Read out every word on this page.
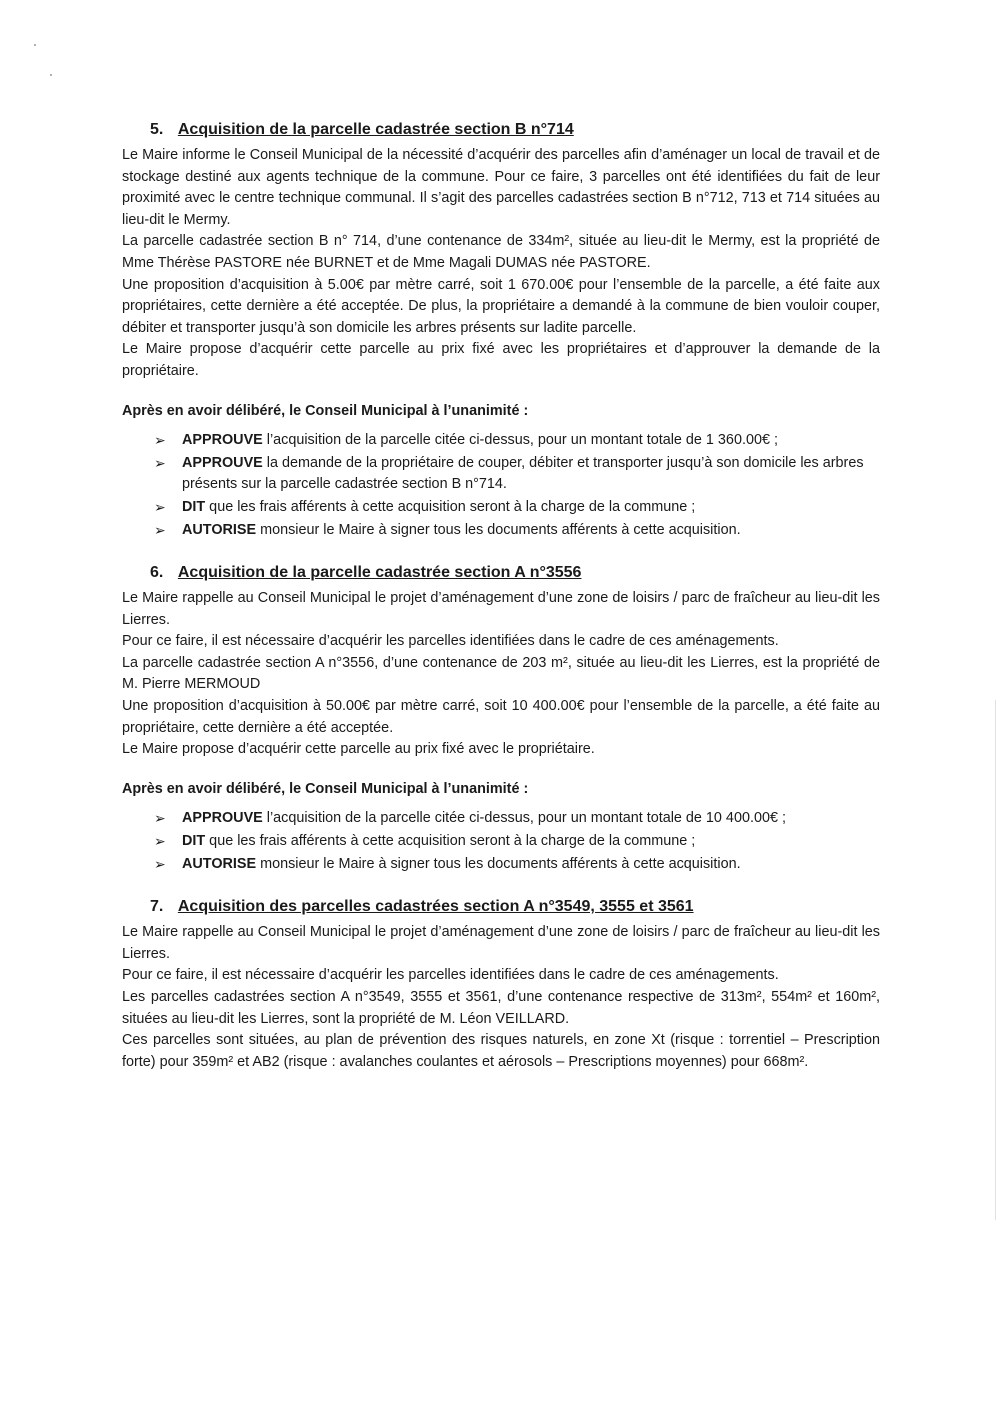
5. Acquisition de la parcelle cadastrée section B n°714

Le Maire informe le Conseil Municipal de la nécessité d’acquérir des parcelles afin d’aménager un local de travail et de stockage destiné aux agents technique de la commune. Pour ce faire, 3 parcelles ont été identifiées du fait de leur proximité avec le centre technique communal. Il s’agit des parcelles cadastrées section B n°712, 713 et 714 situées au lieu-dit le Mermy.

La parcelle cadastrée section B n° 714, d’une contenance de 334m², située au lieu-dit le Mermy, est la propriété de Mme Thérèse PASTORE née BURNET et de Mme Magali DUMAS née PASTORE.

Une proposition d’acquisition à 5.00€ par mètre carré, soit 1 670.00€ pour l’ensemble de la parcelle, a été faite aux propriétaires, cette dernière a été acceptée. De plus, la propriétaire a demandé à la commune de bien vouloir couper, débiter et transporter jusqu’à son domicile les arbres présents sur ladite parcelle.

Le Maire propose d’acquérir cette parcelle au prix fixé avec les propriétaires et d’approuver la demande de la propriétaire.

Après en avoir délibéré, le Conseil Municipal à l’unanimité :
➢ APPROUVE l’acquisition de la parcelle citée ci-dessus, pour un montant totale de 1 360.00€ ;
➢ APPROUVE la demande de la propriétaire de couper, débiter et transporter jusqu’à son domicile les arbres présents sur la parcelle cadastrée section B n°714.
➢ DIT que les frais afférents à cette acquisition seront à la charge de la commune ;
➢ AUTORISE monsieur le Maire à signer tous les documents afférents à cette acquisition.
6. Acquisition de la parcelle cadastrée section A n°3556

Le Maire rappelle au Conseil Municipal le projet d’aménagement d’une zone de loisirs / parc de fraîcheur au lieu-dit les Lierres.

Pour ce faire, il est nécessaire d’acquérir les parcelles identifiées dans le cadre de ces aménagements.

La parcelle cadastrée section A n°3556, d’une contenance de 203 m², située au lieu-dit les Lierres, est la propriété de M. Pierre MERMOUD

Une proposition d’acquisition à 50.00€ par mètre carré, soit 10 400.00€ pour l’ensemble de la parcelle, a été faite au propriétaire, cette dernière a été acceptée.

Le Maire propose d’acquérir cette parcelle au prix fixé avec le propriétaire.

Après en avoir délibéré, le Conseil Municipal à l’unanimité :
➢ APPROUVE l’acquisition de la parcelle citée ci-dessus, pour un montant totale de 10 400.00€ ;
➢ DIT que les frais afférents à cette acquisition seront à la charge de la commune ;
➢ AUTORISE monsieur le Maire à signer tous les documents afférents à cette acquisition.
7. Acquisition des parcelles cadastrées section A n°3549, 3555 et 3561

Le Maire rappelle au Conseil Municipal le projet d’aménagement d’une zone de loisirs / parc de fraîcheur au lieu-dit les Lierres.

Pour ce faire, il est nécessaire d’acquérir les parcelles identifiées dans le cadre de ces aménagements.

Les parcelles cadastrées section A n°3549, 3555 et 3561, d’une contenance respective de 313m², 554m² et 160m², situées au lieu-dit les Lierres, sont la propriété de M. Léon VEILLARD.

Ces parcelles sont situées, au plan de prévention des risques naturels, en zone Xt (risque : torrentiel – Prescription forte) pour 359m² et AB2 (risque : avalanches coulantes et aérosols – Prescriptions moyennes) pour 668m².
